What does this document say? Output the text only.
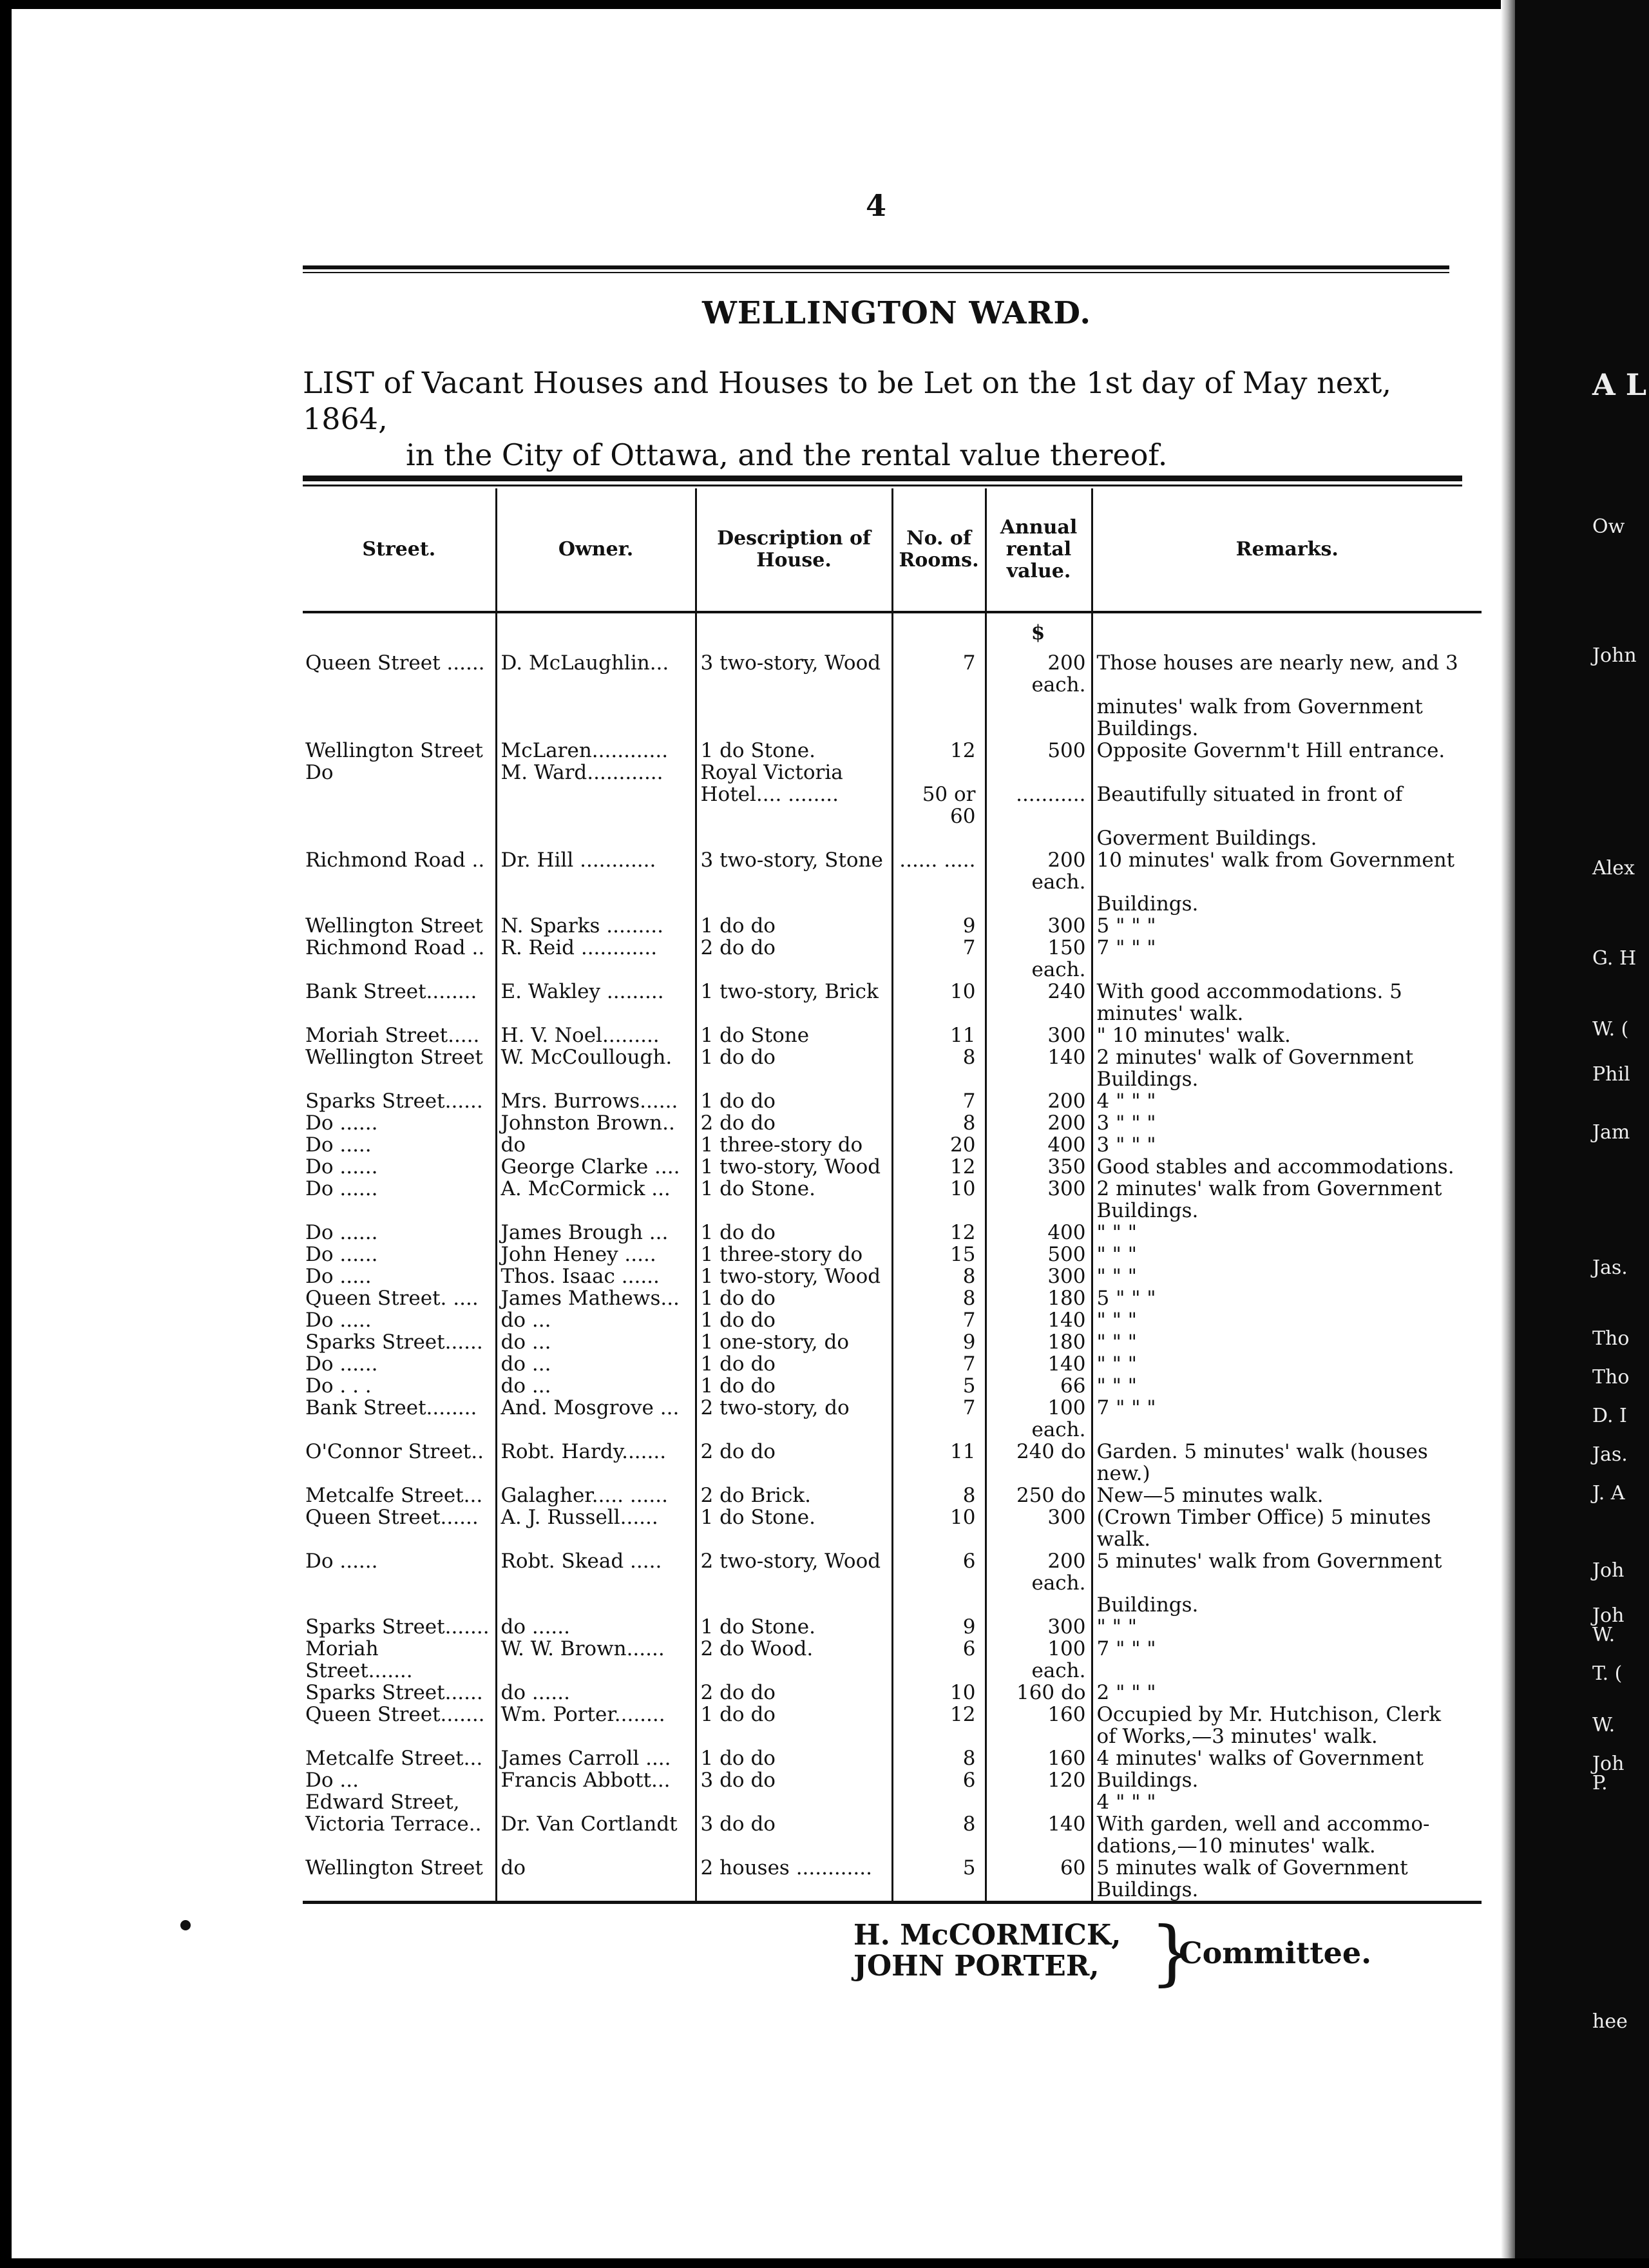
4
WELLINGTON WARD.
LIST of Vacant Houses and Houses to be Let on the 1st day of May next, 1864,
in the City of Ottawa, and the rental value thereof.
Street.	Owner.	Description of House.	No. of Rooms.	Annual rental value.	Remarks.
				$	
Queen Street ......	D. McLaughlin...	3 two-story, Wood	7	200 each.	Those houses are nearly new, and 3
					minutes' walk from Government
					Buildings.
Wellington Street	McLaren............	1 do Stone.	12	500	Opposite Governm't Hill entrance.
Do	M. Ward............	Royal Victoria			
		Hotel.... ........	50 or 60	...........	Beautifully situated in front of
					Goverment Buildings.
Richmond Road ..	Dr. Hill ............	3 two-story, Stone	...... .....	200 each.	10 minutes' walk from Government
					Buildings.
Wellington Street	N. Sparks .........	1 do do	9	300	5 " " "
Richmond Road ..	R. Reid ............	2 do do	7	150 each.	7 " " "
Bank Street........	E. Wakley .........	1 two-story, Brick	10	240	With good accommodations. 5
					minutes' walk.
Moriah Street.....	H. V. Noel.........	1 do Stone	11	300	" 10 minutes' walk.
Wellington Street	W. McCoullough.	1 do do	8	140	2 minutes' walk of Government
					Buildings.
Sparks Street......	Mrs. Burrows......	1 do do	7	200	4 " " "
Do ......	Johnston Brown..	2 do do	8	200	3 " " "
Do .....	do	1 three-story do	20	400	3 " " "
Do ......	George Clarke ....	1 two-story, Wood	12	350	Good stables and accommodations.
Do ......	A. McCormick ...	1 do Stone.	10	300	2 minutes' walk from Government
					Buildings.
Do ......	James Brough ...	1 do do	12	400	" " "
Do ......	John Heney .....	1 three-story do	15	500	" " "
Do .....	Thos. Isaac ......	1 two-story, Wood	8	300	" " "
Queen Street. ....	James Mathews...	1 do do	8	180	5 " " "
Do .....	do ...	1 do do	7	140	" " "
Sparks Street......	do ...	1 one-story, do	9	180	" " "
Do ......	do ...	1 do do	7	140	" " "
Do . . .	do ...	1 do do	5	66	" " "
Bank Street........	And. Mosgrove ...	2 two-story, do	7	100 each.	7 " " "
O'Connor Street..	Robt. Hardy.......	2 do do	11	240 do	Garden. 5 minutes' walk (houses
					new.)
Metcalfe Street...	Galagher..... ......	2 do Brick.	8	250 do	New—5 minutes walk.
Queen Street......	A. J. Russell......	1 do Stone.	10	300	(Crown Timber Office) 5 minutes
					walk.
Do ......	Robt. Skead .....	2 two-story, Wood	6	200 each.	5 minutes' walk from Government
					Buildings.
Sparks Street.......	do ......	1 do Stone.	9	300	" " "
Moriah Street.......	W. W. Brown......	2 do Wood.	6	100 each.	7 " " "
Sparks Street......	do ......	2 do do	10	160 do	2 " " "
Queen Street.......	Wm. Porter........	1 do do	12	160	Occupied by Mr. Hutchison, Clerk
					of Works,—3 minutes' walk.
Metcalfe Street...	James Carroll ....	1 do do	8	160	4 minutes' walks of Government
Do ...	Francis Abbott...	3 do do	6	120	Buildings.
Edward Street,					4 " " "
Victoria Terrace..	Dr. Van Cortlandt	3 do do	8	140	With garden, well and accommo-
					dations,—10 minutes' walk.
Wellington Street	do	2 houses ............	5	60	5 minutes walk of Government
					Buildings.
H. McCORMICK,
JOHN PORTER, }
Committee.
A L
Ow
John
Alex
G. H
W. (
Phil
Jam
Jas.
Tho
Tho
D. I
Jas.
J. A
Joh
Joh
W.
T. (
W.
Joh
P.
hee
